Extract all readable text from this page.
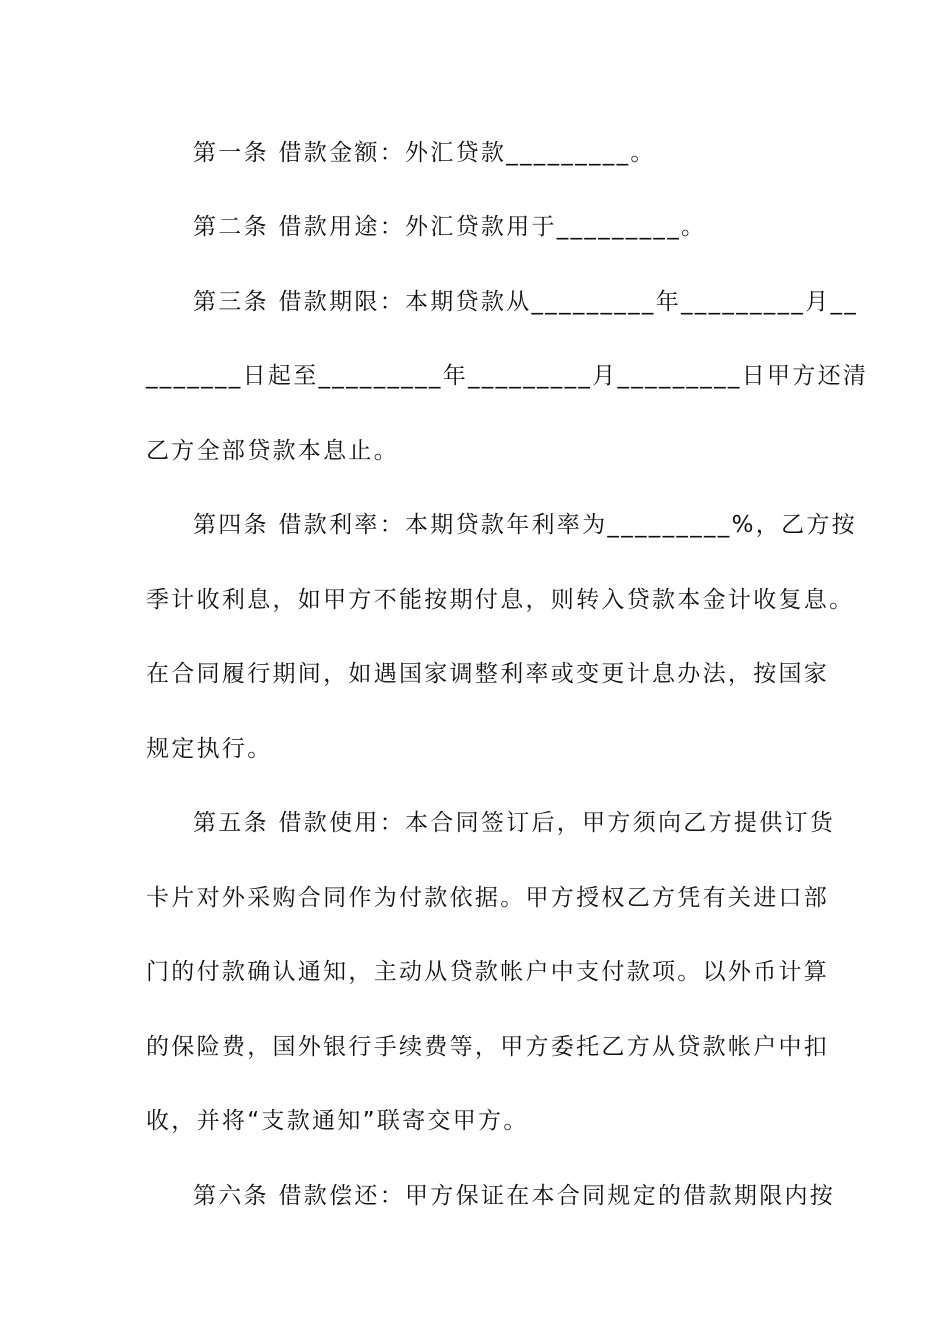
第一条 借款金额：外汇贷款_________。
第二条 借款用途：外汇贷款用于_________。
第三条 借款期限：本期贷款从_________年_________月__
_______日起至_________年_________月_________日甲方还清
乙方全部贷款本息止。
第四条 借款利率：本期贷款年利率为_________%，乙方按
季计收利息，如甲方不能按期付息，则转入贷款本金计收复息。
在合同履行期间，如遇国家调整利率或变更计息办法，按国家
规定执行。
第五条 借款使用：本合同签订后，甲方须向乙方提供订货
卡片对外采购合同作为付款依据。甲方授权乙方凭有关进口部
门的付款确认通知，主动从贷款帐户中支付款项。以外币计算
的保险费，国外银行手续费等，甲方委托乙方从贷款帐户中扣
收，并将“支款通知”联寄交甲方。
第六条 借款偿还：甲方保证在本合同规定的借款期限内按
